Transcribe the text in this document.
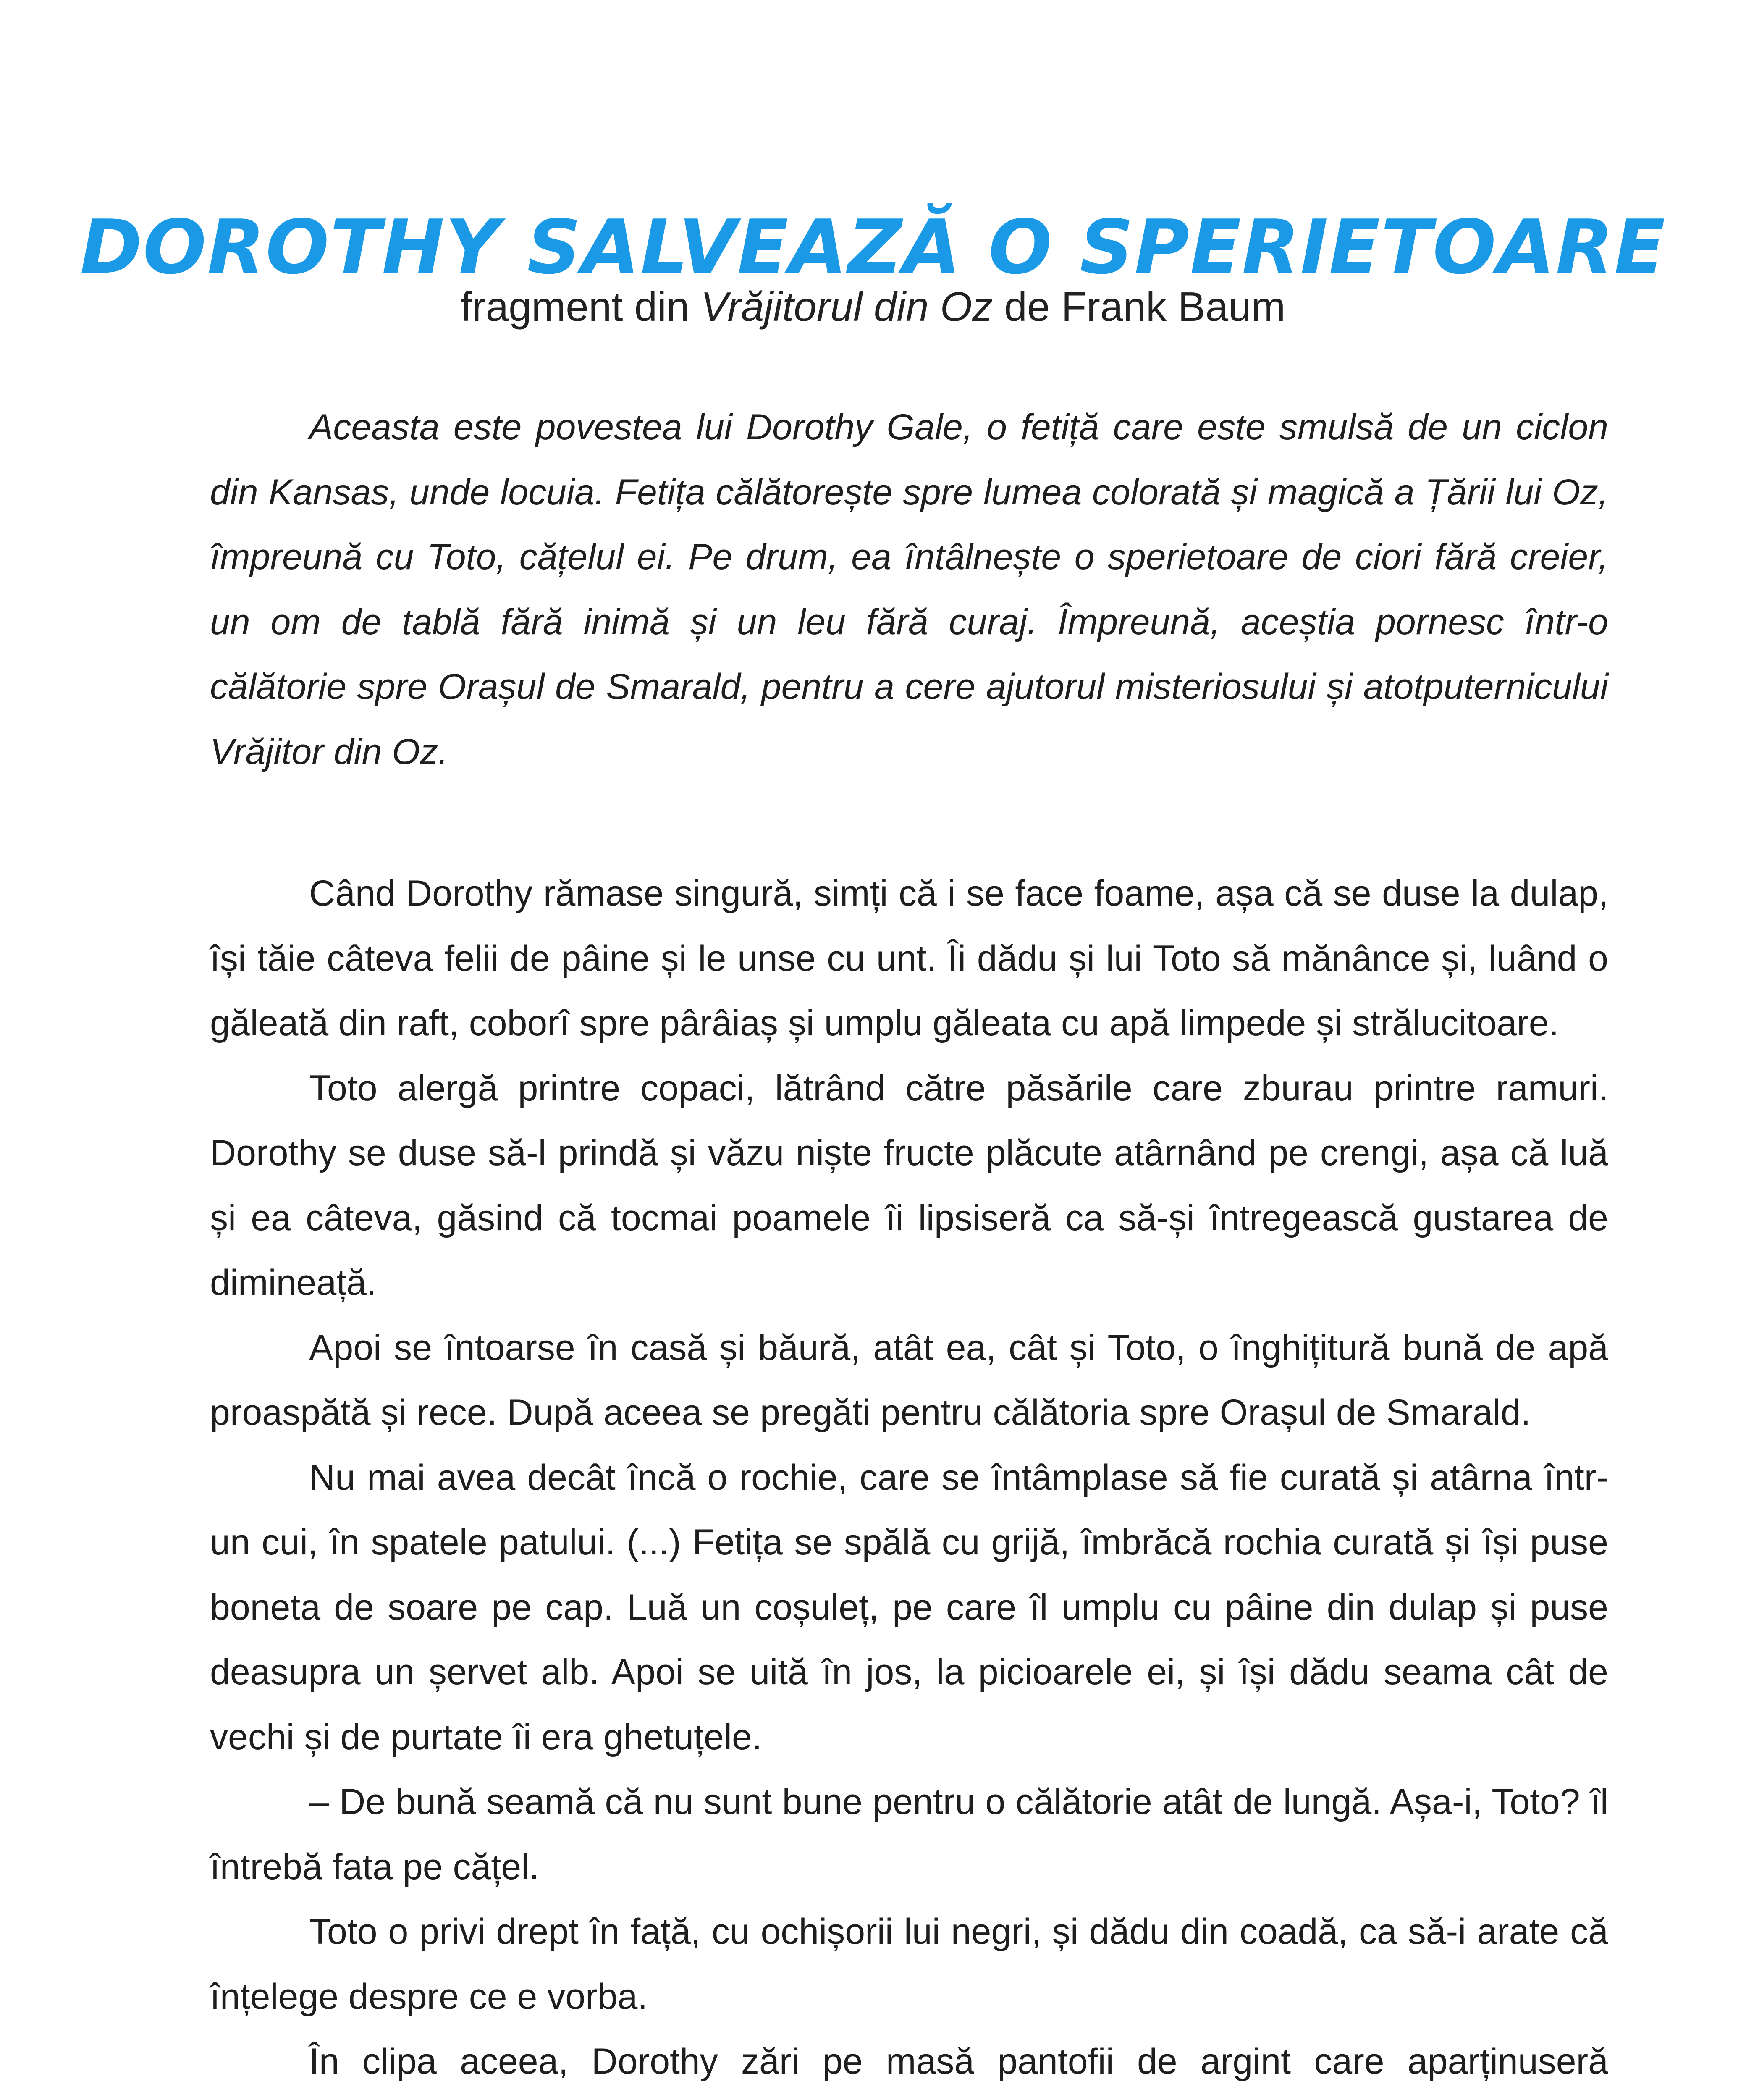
DOROTHY SALVEAZĂ O SPERIETOARE
fragment din Vrăjitorul din Oz de Frank Baum

Aceasta este povestea lui Dorothy Gale, o fetiță care este smulsă de un ciclon din Kansas, unde locuia. Fetița călătorește spre lumea colorată și magică a Țării lui Oz, împreună cu Toto, cățelul ei. Pe drum, ea întâlnește o sperietoare de ciori fără creier, un om de tablă fără inimă și un leu fără curaj. Împreună, aceștia pornesc într-o călătorie spre Orașul de Smarald, pentru a cere ajutorul misteriosului și atotputernicului Vrăjitor din Oz.

Când Dorothy rămase singură, simți că i se face foame, așa că se duse la dulap, își tăie câteva felii de pâine și le unse cu unt. Îi dădu și lui Toto să mănânce și, luând o găleată din raft, coborî spre pârâiaș și umplu găleata cu apă limpede și strălucitoare.

Toto alergă printre copaci, lătrând către păsările care zburau printre ramuri. Dorothy se duse să-l prindă și văzu niște fructe plăcute atârnând pe crengi, așa că luă și ea câteva, găsind că tocmai poamele îi lipsiseră ca să-și întregească gustarea de dimineață.

Apoi se întoarse în casă și băură, atât ea, cât și Toto, o înghițitură bună de apă proaspătă și rece. După aceea se pregăti pentru călătoria spre Orașul de Smarald.

Nu mai avea decât încă o rochie, care se întâmplase să fie curată și atârna într-un cui, în spatele patului. (...) Fetița se spălă cu grijă, îmbrăcă rochia curată și își puse boneta de soare pe cap. Luă un coșuleț, pe care îl umplu cu pâine din dulap și puse deasupra un șervet alb. Apoi se uită în jos, la picioarele ei, și își dădu seama cât de vechi și de purtate îi era ghetuțele.

– De bună seamă că nu sunt bune pentru o călătorie atât de lungă. Așa-i, Toto? îl întrebă fata pe cățel.

Toto o privi drept în față, cu ochișorii lui negri, și dădu din coadă, ca să-i arate că înțelege despre ce e vorba.

În clipa aceea, Dorothy zări pe masă pantofii de argint care aparținuseră
